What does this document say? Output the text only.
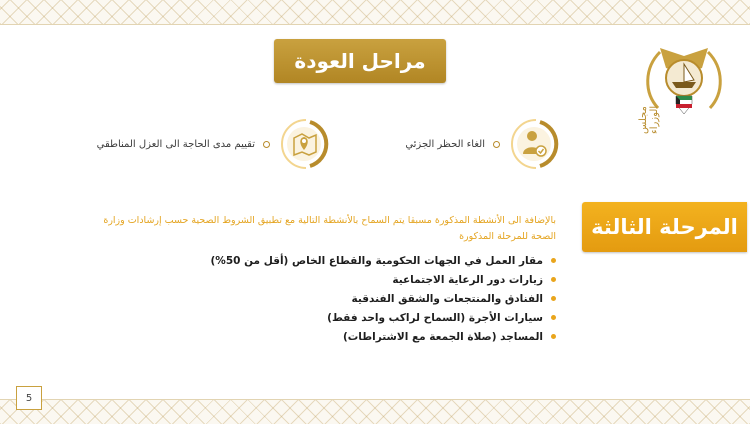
مجلس الوزراء
مراحل العودة
الغاء الحظر الجزئي
تقييم مدى الحاجة الى العزل المناطقي
المرحلة الثالثة
بالإضافة الى الأنشطة المذكورة مسبقا يتم السماح بالأنشطة التالية مع تطبيق الشروط الصحية حسب إرشادات وزارة الصحة للمرحلة المذكورة
مقار العمل في الجهات الحكومية والقطاع الخاص (أقل من 50%)
زيارات دور الرعاية الاجتماعية
الفنادق والمنتجعات والشقق الفندقية
سيارات الأجرة (السماح لراكب واحد فقط)
المساجد (صلاة الجمعة مع الاشتراطات)
5
